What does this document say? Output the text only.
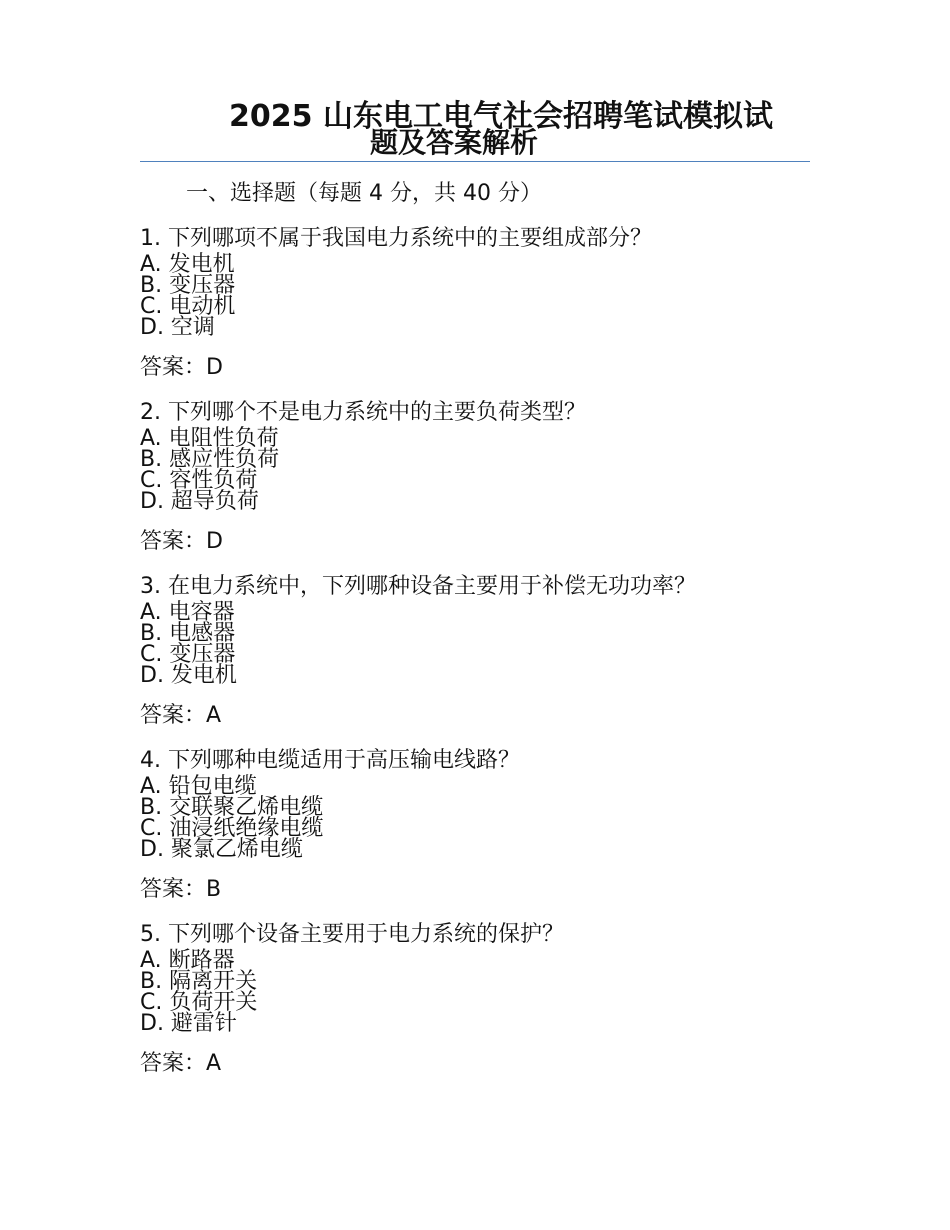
2025 山东电工电气社会招聘笔试模拟试
题及答案解析
一、选择题（每题 4 分，共 40 分）
1. 下列哪项不属于我国电力系统中的主要组成部分？
A. 发电机
B. 变压器
C. 电动机
D. 空调
答案：D
2. 下列哪个不是电力系统中的主要负荷类型？
A. 电阻性负荷
B. 感应性负荷
C. 容性负荷
D. 超导负荷
答案：D
3. 在电力系统中，下列哪种设备主要用于补偿无功功率？
A. 电容器
B. 电感器
C. 变压器
D. 发电机
答案：A
4. 下列哪种电缆适用于高压输电线路？
A. 铅包电缆
B. 交联聚乙烯电缆
C. 油浸纸绝缘电缆
D. 聚氯乙烯电缆
答案：B
5. 下列哪个设备主要用于电力系统的保护？
A. 断路器
B. 隔离开关
C. 负荷开关
D. 避雷针
答案：A
